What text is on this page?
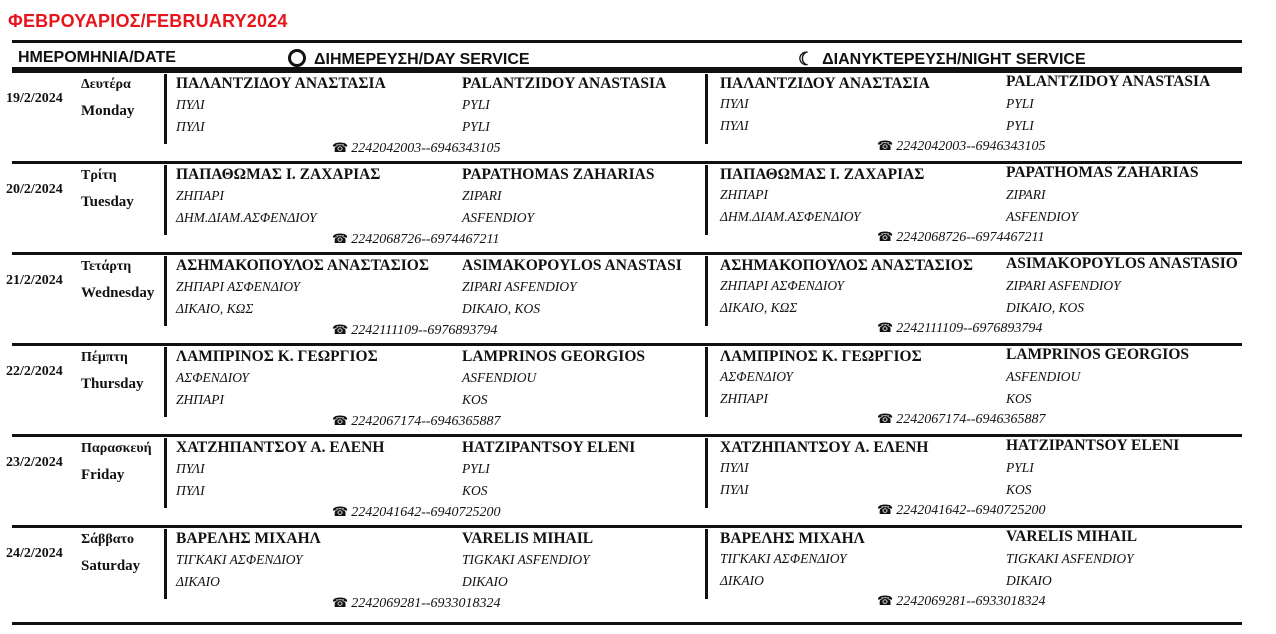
ΦΕΒΡΟΥΑΡΙΟΣ/FEBRUARY2024
ΗΜΕΡΟΜΗΝΙΑ/DATE	ΔΙΗΜΕΡΕΥΣΗ/DAY SERVICE	☾ ΔΙΑΝΥΚΤΕΡΕΥΣΗ/NIGHT SERVICE
19/2/2024
Δευτέρα
Monday
ΠΑΛΑΝΤΖΙΔΟΥ ΑΝΑΣΤΑΣΙΑ	PALANTZIDOY ANASTASIA
ΠΥΛΙ	PYLI
ΠΥΛΙ	PYLI
☎ 2242042003--6946343105
ΠΑΛΑΝΤΖΙΔΟΥ ΑΝΑΣΤΑΣΙΑ	PALANTZIDOY ANASTASIA
ΠΥΛΙ	PYLI
ΠΥΛΙ	PYLI
☎ 2242042003--6946343105
20/2/2024
Τρίτη
Tuesday
ΠΑΠΑΘΩΜΑΣ Ι. ΖΑΧΑΡΙΑΣ	PAPATHOMAS ZAHARIAS
ΖΗΠΑΡΙ	ZIPARI
ΔΗΜ.ΔΙΑΜ.ΑΣΦΕΝΔΙΟΥ	ASFENDIOY
☎ 2242068726--6974467211
ΠΑΠΑΘΩΜΑΣ Ι. ΖΑΧΑΡΙΑΣ	PAPATHOMAS ZAHARIAS
ΖΗΠΑΡΙ	ZIPARI
ΔΗΜ.ΔΙΑΜ.ΑΣΦΕΝΔΙΟΥ	ASFENDIOY
☎ 2242068726--6974467211
21/2/2024
Τετάρτη
Wednesday
ΑΣΗΜΑΚΟΠΟΥΛΟΣ ΑΝΑΣΤΑΣΙΟΣ ASIMAKOPOYLOS ANASTASI
ΖΗΠΑΡΙ ΑΣΦΕΝΔΙΟΥ	ZIPARI ASFENDIOY
ΔΙΚΑΙΟ, ΚΩΣ	DIKAIO, KOS
☎ 2242111109--6976893794
ΑΣΗΜΑΚΟΠΟΥΛΟΣ ΑΝΑΣΤΑΣΙΟΣ ASIMAKOPOYLOS ANASTASIO
ΖΗΠΑΡΙ ΑΣΦΕΝΔΙΟΥ	ZIPARI ASFENDIOY
ΔΙΚΑΙΟ, ΚΩΣ	DIKAIO, KOS
☎ 2242111109--6976893794
22/2/2024
Πέμπτη
Thursday
ΛΑΜΠΡΙΝΟΣ Κ. ΓΕΩΡΓΙΟΣ	LAMPRINOS GEORGIOS
ΑΣΦΕΝΔΙΟΥ	ASFENDIOU
ΖΗΠΑΡΙ	KOS
☎ 2242067174--6946365887
ΛΑΜΠΡΙΝΟΣ Κ. ΓΕΩΡΓΙΟΣ	LAMPRINOS GEORGIOS
ΑΣΦΕΝΔΙΟΥ	ASFENDIOU
ΖΗΠΑΡΙ	KOS
☎ 2242067174--6946365887
23/2/2024
Παρασκευή
Friday
ΧΑΤΖΗΠΑΝΤΣΟΥ Α. ΕΛΕΝΗ	HATZIPANTSOY ELENI
ΠΥΛΙ	PYLI
ΠΥΛΙ	KOS
☎ 2242041642--6940725200
ΧΑΤΖΗΠΑΝΤΣΟΥ Α. ΕΛΕΝΗ	HATZIPANTSOY ELENI
ΠΥΛΙ	PYLI
ΠΥΛΙ	KOS
☎ 2242041642--6940725200
24/2/2024
Σάββατο
Saturday
ΒΑΡΕΛΗΣ ΜΙΧΑΗΛ	VARELIS MIHAIL
ΤΙΓΚΑΚΙ ΑΣΦΕΝΔΙΟΥ	TIGKAKI ASFENDIOY
ΔΙΚΑΙΟ	DIKAIO
☎ 2242069281--6933018324
ΒΑΡΕΛΗΣ ΜΙΧΑΗΛ	VARELIS MIHAIL
ΤΙΓΚΑΚΙ ΑΣΦΕΝΔΙΟΥ	TIGKAKI ASFENDIOY
ΔΙΚΑΙΟ	DIKAIO
☎ 2242069281--6933018324
